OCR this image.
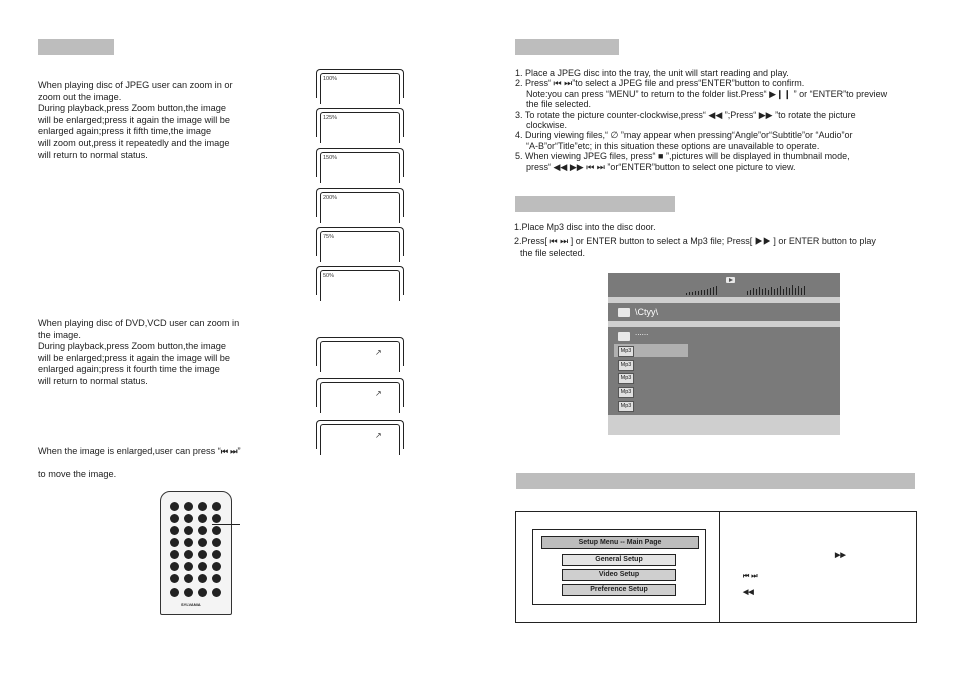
When playing disc of JPEG user can zoom in or
zoom out the image.
During playback,press Zoom button,the image
will be enlarged;press it again the image will be
enlarged again;press it fifth time,the image
will zoom out,press it repeatedly and the image
will return to normal status.
100%
125%
150%
200%
75%
50%
When playing disc of DVD,VCD user can zoom in
the image.
During playback,press Zoom button,the image
will be enlarged;press it again the image will be
enlarged again;press it fourth time the image
will return to normal status.
↗
↗
↗

When the image is enlarged,user can press “⏮ ⏭”

to move the image.

SYLVANIA
1. Place a JPEG disc into the tray, the unit will start reading and play.
2. Press“ ⏮ ⏭”to select a JPEG file and press“ENTER”button to confirm.
Note:you can press “MENU” to return to the folder list.Press“ ▶❙❙ ” or “ENTER”to preview
the file selected.
3. To rotate the picture counter-clockwise,press“ ◀◀ ”;Press“ ▶▶ ”to rotate the picture
clockwise.
4. During viewing files,“ ∅ ”may appear when pressing“Angle”or“Subtitle”or “Audio”or
“A-B”or“Title”etc; in this situation these options are unavailable to operate.
5. When viewing JPEG files, press“ ■ ”,pictures will be displayed in thumbnail mode,
press“ ◀◀ ▶▶ ⏮ ⏭ ”or“ENTER”button to select one picture to view.
1.Place Mp3 disc into the disc door.
2.Press[ ⏮ ⏭ ] or ENTER button to select a Mp3 file; Press[ ▶▶ ] or ENTER button to play
the file selected.
\Ctyy\
......
Mp3
Mp3
Mp3
Mp3
Mp3
Setup Menu -- Main Page
General Setup
Video Setup
Preference Setup
▶▶
⏮ ⏭
◀◀
